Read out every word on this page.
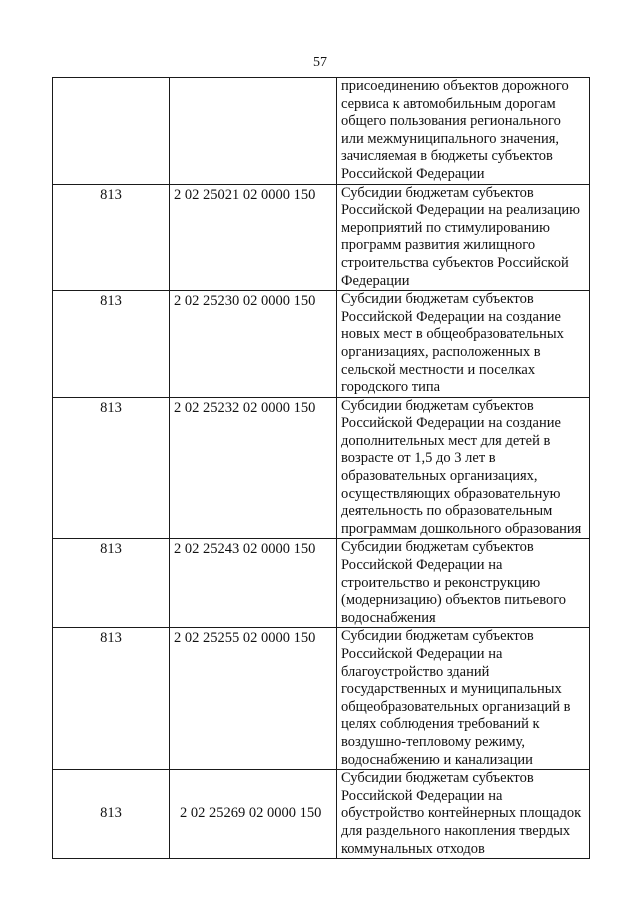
57
		присоединению объектов дорожного сервиса к автомобильным дорогам общего пользования регионального или межмуниципального значения, зачисляемая в бюджеты субъектов Российской Федерации
813	2 02 25021 02 0000 150	Субсидии бюджетам субъектов Российской Федерации на реализацию мероприятий по стимулированию программ развития жилищного строительства субъектов Российской Федерации
813	2 02 25230 02 0000 150	Субсидии бюджетам субъектов Российской Федерации на создание новых мест в общеобразовательных организациях, расположенных в сельской местности и поселках городского типа
813	2 02 25232 02 0000 150	Субсидии бюджетам субъектов Российской Федерации на создание дополнительных мест для детей в возрасте от 1,5 до 3 лет в образовательных организациях, осуществляющих образовательную деятельность по образовательным программам дошкольного образования
813	2 02 25243 02 0000 150	Субсидии бюджетам субъектов Российской Федерации на строительство и реконструкцию (модернизацию) объектов питьевого водоснабжения
813	2 02 25255 02 0000 150	Субсидии бюджетам субъектов Российской Федерации на благоустройство зданий государственных и муниципальных общеобразовательных организаций в целях соблюдения требований к воздушно-тепловому режиму, водоснабжению и канализации
813	2 02 25269 02 0000 150	Субсидии бюджетам субъектов Российской Федерации на обустройство контейнерных площадок для раздельного накопления твердых коммунальных отходов
